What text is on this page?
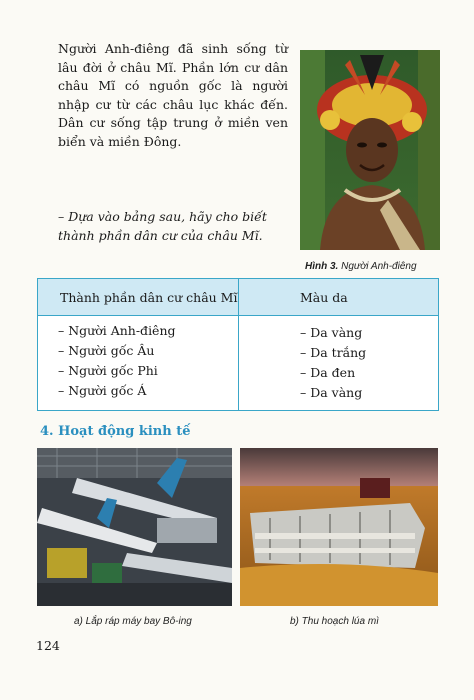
Người Anh-điêng đã sinh sống từ lâu đời ở châu Mĩ. Phần lớn cư dân châu Mĩ có nguồn gốc là người nhập cư từ các châu lục khác đến. Dân cư sống tập trung ở miền ven biển và miền Đông.

– Dựa vào bảng sau, hãy cho biết thành phần dân cư của châu Mĩ.

Hình 3. Người Anh-điêng
Thành phần dân cư châu Mĩ	Màu da
– Người Anh-điêng
– Người gốc Âu
– Người gốc Phi
– Người gốc Á
– Da vàng
– Da trắng
– Da đen
– Da vàng
4. Hoạt động kinh tế
a) Lắp ráp máy bay Bô-ing	b) Thu hoạch lúa mì
124
